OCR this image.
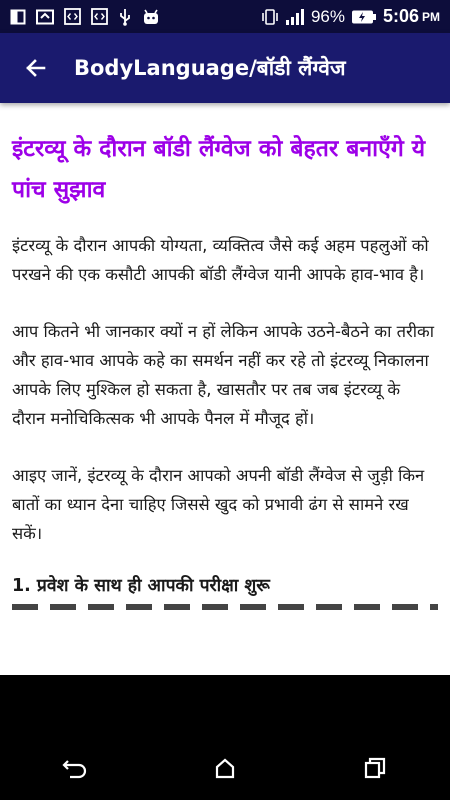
96% 5:06 PM
BodyLanguage/बॉडी लैंग्वेज
इंटरव्यू के दौरान बॉडी लैंग्वेज को बेहतर बनाएँगे ये पांच सुझाव

इंटरव्यू के दौरान आपकी योग्यता, व्यक्तित्व जैसे कई अहम पहलुओं को परखने की एक कसौटी आपकी बॉडी लैंग्वेज यानी आपके हाव-भाव है।

आप कितने भी जानकार क्यों न हों लेकिन आपके उठने-बैठने का तरीका और हाव-भाव आपके कहे का समर्थन नहीं कर रहे तो इंटरव्यू निकालना आपके लिए मुश्किल हो सकता है, खासतौर पर तब जब इंटरव्यू के दौरान मनोचिकित्सक भी आपके पैनल में मौजूद हों।

आइए जानें, इंटरव्यू के दौरान आपको अपनी बॉडी लैंग्वेज से जुड़ी किन बातों का ध्यान देना चाहिए जिससे खुद को प्रभावी ढंग से सामने रख सकें।

1. प्रवेश के साथ ही आपकी परीक्षा शुरू
